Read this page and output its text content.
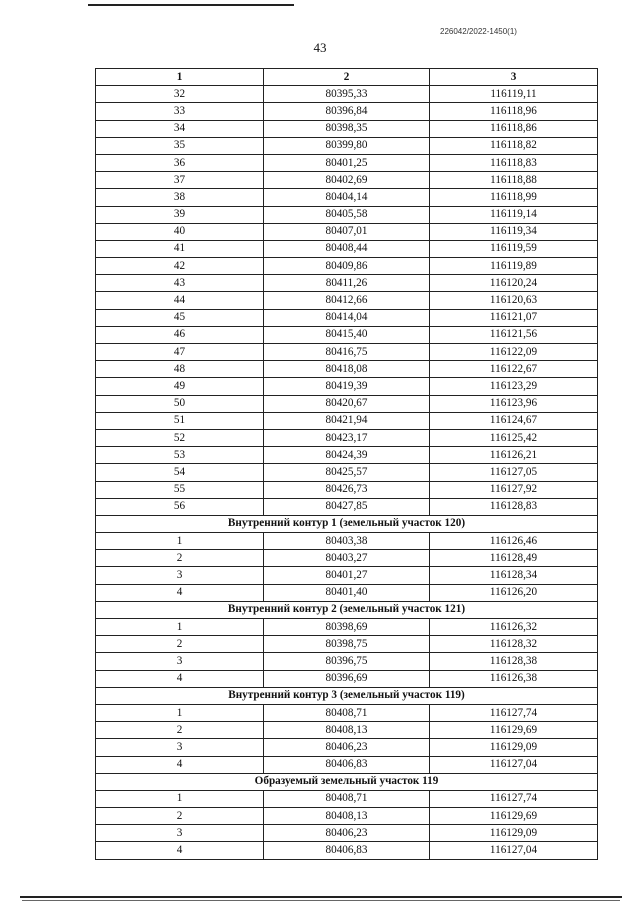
226042/2022-1450(1)
43
1	2	3
32	80395,33	116119,11
33	80396,84	116118,96
34	80398,35	116118,86
35	80399,80	116118,82
36	80401,25	116118,83
37	80402,69	116118,88
38	80404,14	116118,99
39	80405,58	116119,14
40	80407,01	116119,34
41	80408,44	116119,59
42	80409,86	116119,89
43	80411,26	116120,24
44	80412,66	116120,63
45	80414,04	116121,07
46	80415,40	116121,56
47	80416,75	116122,09
48	80418,08	116122,67
49	80419,39	116123,29
50	80420,67	116123,96
51	80421,94	116124,67
52	80423,17	116125,42
53	80424,39	116126,21
54	80425,57	116127,05
55	80426,73	116127,92
56	80427,85	116128,83
Внутренний контур 1 (земельный участок 120)		
1	80403,38	116126,46
2	80403,27	116128,49
3	80401,27	116128,34
4	80401,40	116126,20
Внутренний контур 2 (земельный участок 121)		
1	80398,69	116126,32
2	80398,75	116128,32
3	80396,75	116128,38
4	80396,69	116126,38
Внутренний контур 3 (земельный участок 119)		
1	80408,71	116127,74
2	80408,13	116129,69
3	80406,23	116129,09
4	80406,83	116127,04
Образуемый земельный участок 119		
1	80408,71	116127,74
2	80408,13	116129,69
3	80406,23	116129,09
4	80406,83	116127,04
